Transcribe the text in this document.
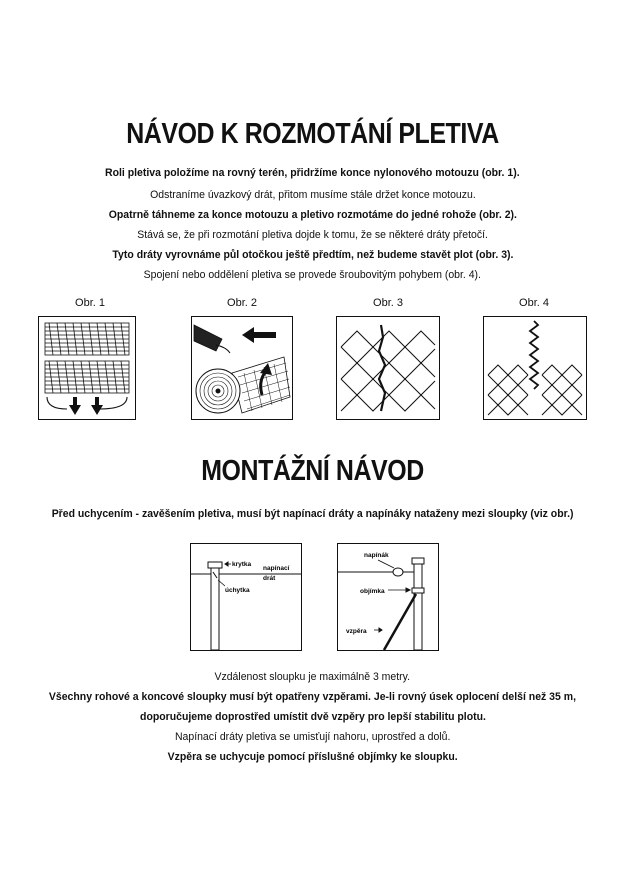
NÁVOD K ROZMOTÁNÍ PLETIVA
Roli pletiva položíme na rovný terén, přidržíme konce nylonového motouzu (obr. 1).
Odstraníme úvazkový drát, přitom musíme stále držet konce motouzu.
Opatrně táhneme za konce motouzu a pletivo rozmotáme do jedné rohože (obr. 2).
Stává se, že při rozmotání pletiva dojde k tomu, že se některé dráty přetočí.
Tyto dráty vyrovnáme půl otočkou ještě předtím, než budeme stavět plot (obr. 3).
Spojení nebo oddělení pletiva se provede šroubovitým pohybem (obr. 4).
Obr. 1	Obr. 2	Obr. 3	Obr. 4
MONTÁŽNÍ NÁVOD
Před uchycením - zavěšením pletiva, musí být napínací dráty a napínáky nataženy mezi sloupky (viz obr.)
krytka
napínací
drát
úchytka
napínák
objímka
vzpěra
Vzdálenost sloupku je maximálně 3 metry.
Všechny rohové a koncové sloupky musí být opatřeny vzpěrami. Je-li rovný úsek oplocení delší než 35 m,
doporučujeme doprostřed umístit dvě vzpěry pro lepší stabilitu plotu.
Napínací dráty pletiva se umisťují nahoru, uprostřed a dolů.
Vzpěra se uchycuje pomocí příslušné objímky ke sloupku.
